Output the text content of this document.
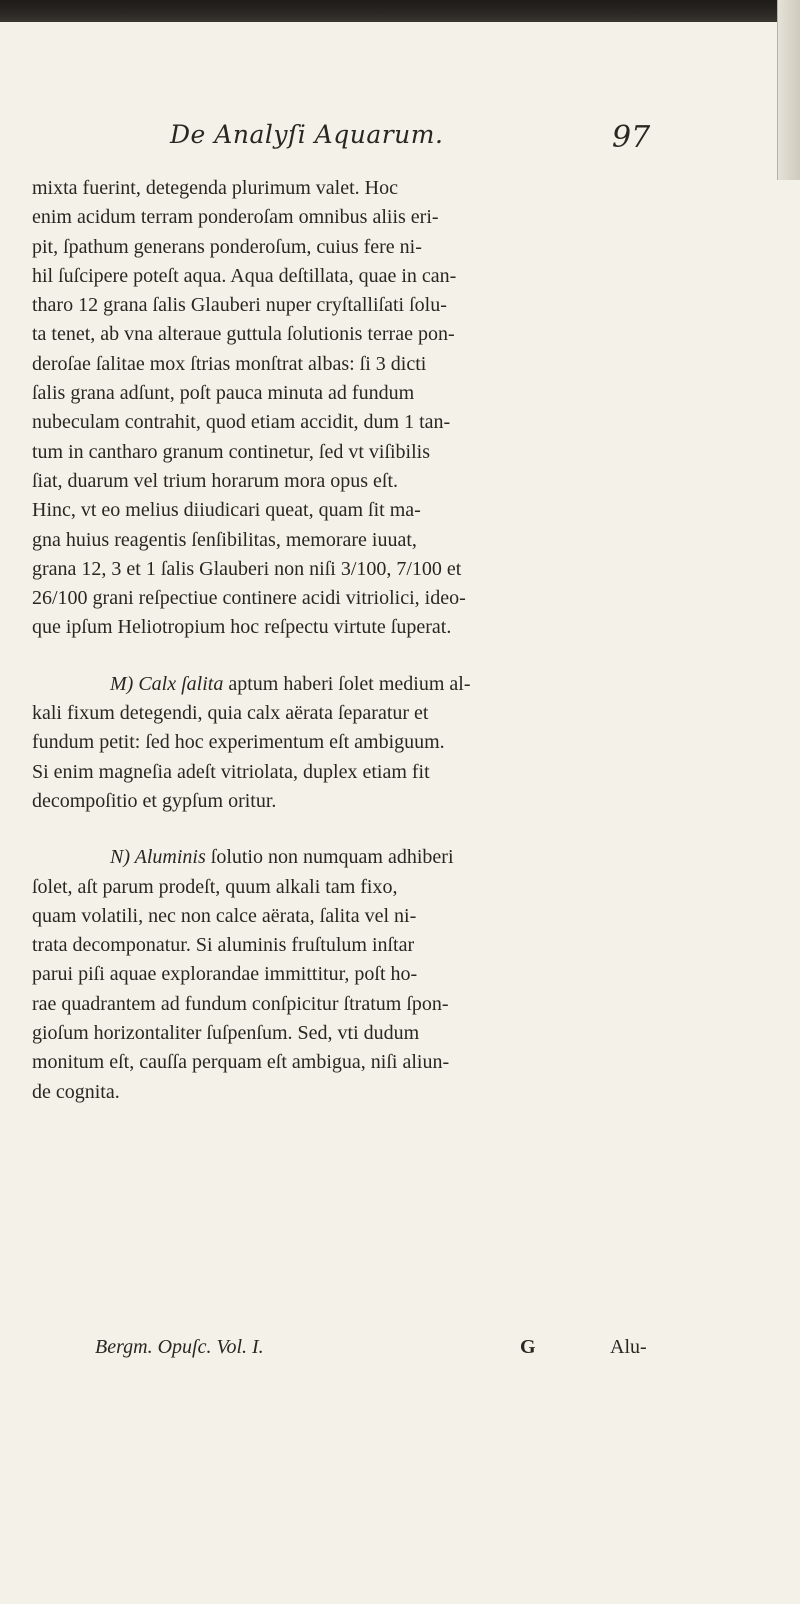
De Analyſi Aquarum.	97
mixta fuerint, detegenda plurimum valet. Hoc
enim acidum terram ponderoſam omnibus aliis eri-
pit, ſpathum generans ponderoſum, cuius fere ni-
hil ſuſcipere poteſt aqua. Aqua deſtillata, quae in can-
tharo 12 grana ſalis Glauberi nuper cryſtalliſati ſolu-
ta tenet, ab vna alteraue guttula ſolutionis terrae pon-
deroſae ſalitae mox ſtrias monſtrat albas: ſi 3 dicti
ſalis grana adſunt, poſt pauca minuta ad fundum
nubeculam contrahit, quod etiam accidit, dum 1 tan-
tum in cantharo granum continetur, ſed vt viſibilis
ſiat, duarum vel trium horarum mora opus eſt.
Hinc, vt eo melius diiudicari queat, quam ſit ma-
gna huius reagentis ſenſibilitas, memorare iuuat,
grana 12, 3 et 1 ſalis Glauberi non niſi 3/100, 7/100 et
26/100 grani reſpectiue continere acidi vitriolici, ideo-
que ipſum Heliotropium hoc reſpectu virtute ſuperat.
M) Calx ſalita aptum haberi ſolet medium al-
kali fixum detegendi, quia calx aërata ſeparatur et
fundum petit: ſed hoc experimentum eſt ambiguum.
Si enim magneſia adeſt vitriolata, duplex etiam fit
decompoſitio et gypſum oritur.
N) Aluminis ſolutio non numquam adhiberi
ſolet, aſt parum prodeſt, quum alkali tam fixo,
quam volatili, nec non calce aërata, ſalita vel ni-
trata decomponatur. Si aluminis fruſtulum inſtar
parui piſi aquae explorandae immittitur, poſt ho-
rae quadrantem ad fundum conſpicitur ſtratum ſpon-
gioſum horizontaliter ſuſpenſum. Sed, vti dudum
monitum eſt, cauſſa perquam eſt ambigua, niſi aliun-
de cognita.
Bergm. Opuſc. Vol. I.	G	Alu-
